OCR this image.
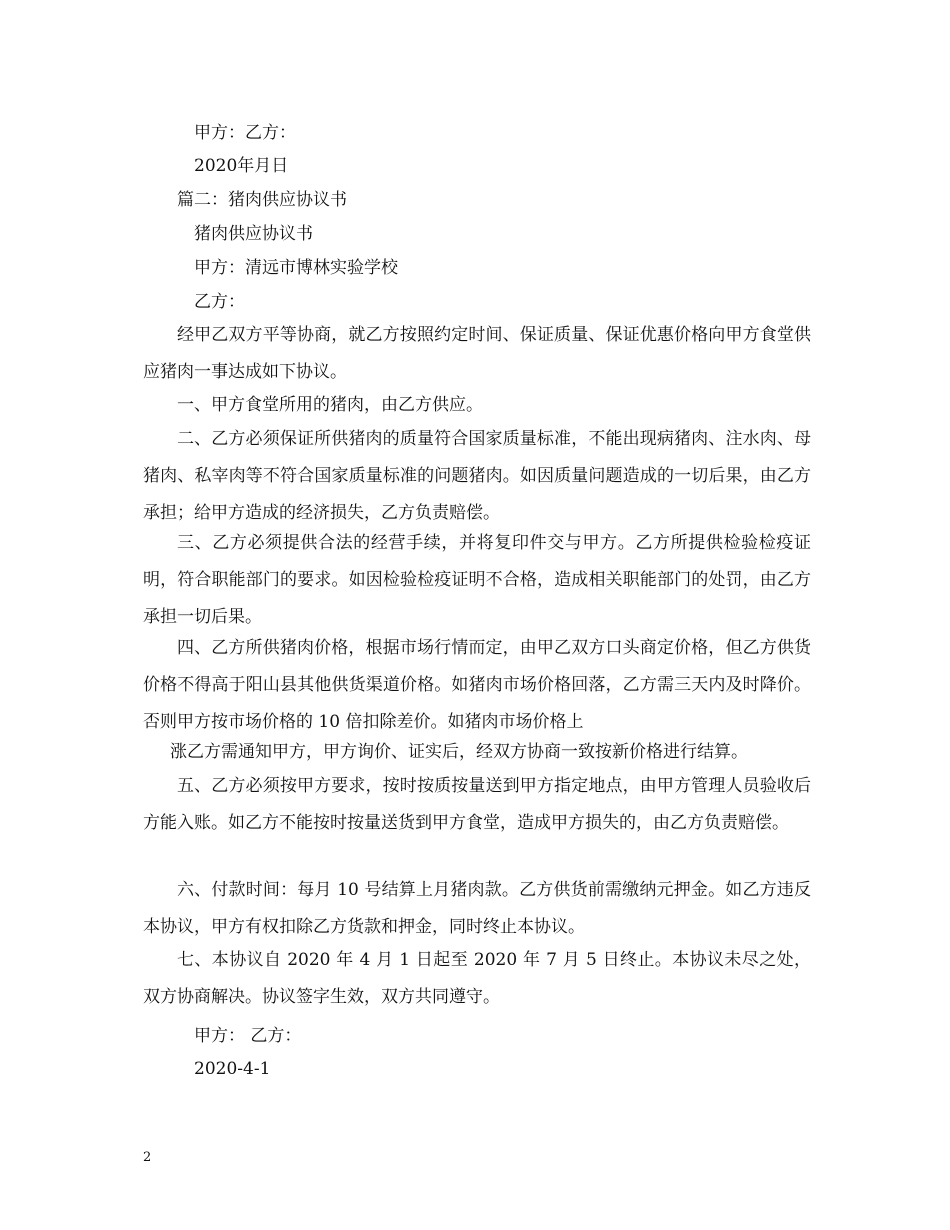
甲方：乙方：
2020年月日
篇二：猪肉供应协议书
猪肉供应协议书
甲方：清远市博林实验学校
乙方：
经甲乙双方平等协商，就乙方按照约定时间、保证质量、保证优惠价格向甲方食堂供应猪肉一事达成如下协议。
一、甲方食堂所用的猪肉，由乙方供应。
二、乙方必须保证所供猪肉的质量符合国家质量标准，不能出现病猪肉、注水肉、母猪肉、私宰肉等不符合国家质量标准的问题猪肉。如因质量问题造成的一切后果，由乙方承担；给甲方造成的经济损失，乙方负责赔偿。
三、乙方必须提供合法的经营手续，并将复印件交与甲方。乙方所提供检验检疫证明，符合职能部门的要求。如因检验检疫证明不合格，造成相关职能部门的处罚，由乙方承担一切后果。
四、乙方所供猪肉价格，根据市场行情而定，由甲乙双方口头商定价格，但乙方供货价格不得高于阳山县其他供货渠道价格。如猪肉市场价格回落，乙方需三天内及时降价。否则甲方按市场价格的 10 倍扣除差价。如猪肉市场价格上
涨乙方需通知甲方，甲方询价、证实后，经双方协商一致按新价格进行结算。
五、乙方必须按甲方要求，按时按质按量送到甲方指定地点，由甲方管理人员验收后方能入账。如乙方不能按时按量送货到甲方食堂，造成甲方损失的，由乙方负责赔偿。
六、付款时间：每月 10 号结算上月猪肉款。乙方供货前需缴纳元押金。如乙方违反本协议，甲方有权扣除乙方货款和押金，同时终止本协议。
七、本协议自 2020 年 4 月 1 日起至 2020 年 7 月 5 日终止。本协议未尽之处，双方协商解决。协议签字生效，双方共同遵守。
甲方： 乙方：
2020-4-1
2
